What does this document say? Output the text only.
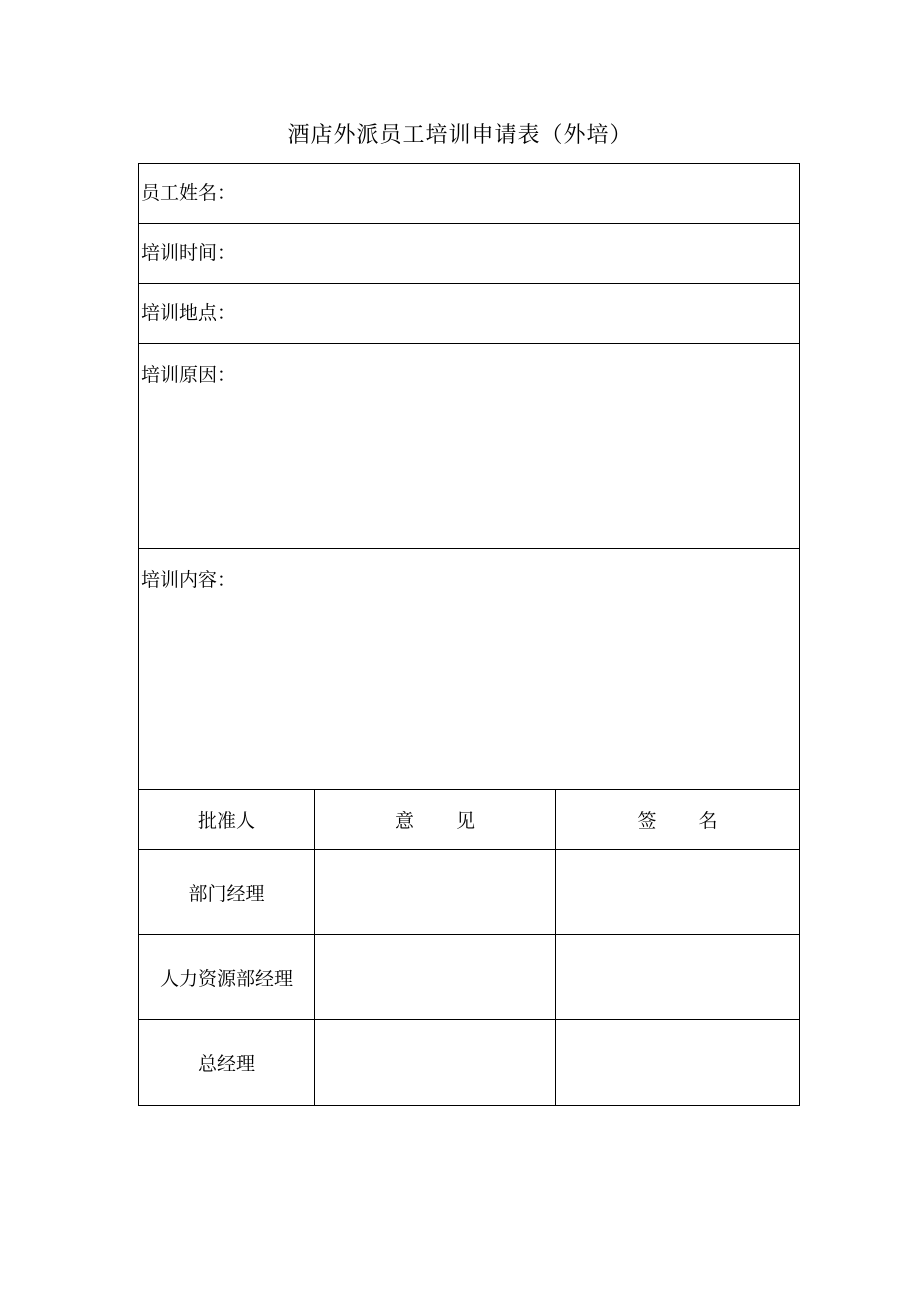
酒店外派员工培训申请表（外培）
员工姓名：		

培训时间：		

培训地点：		

培训原因：		

培训内容：		

批准人	意 见	签 名
部门经理		
人力资源部经理		
总经理		
